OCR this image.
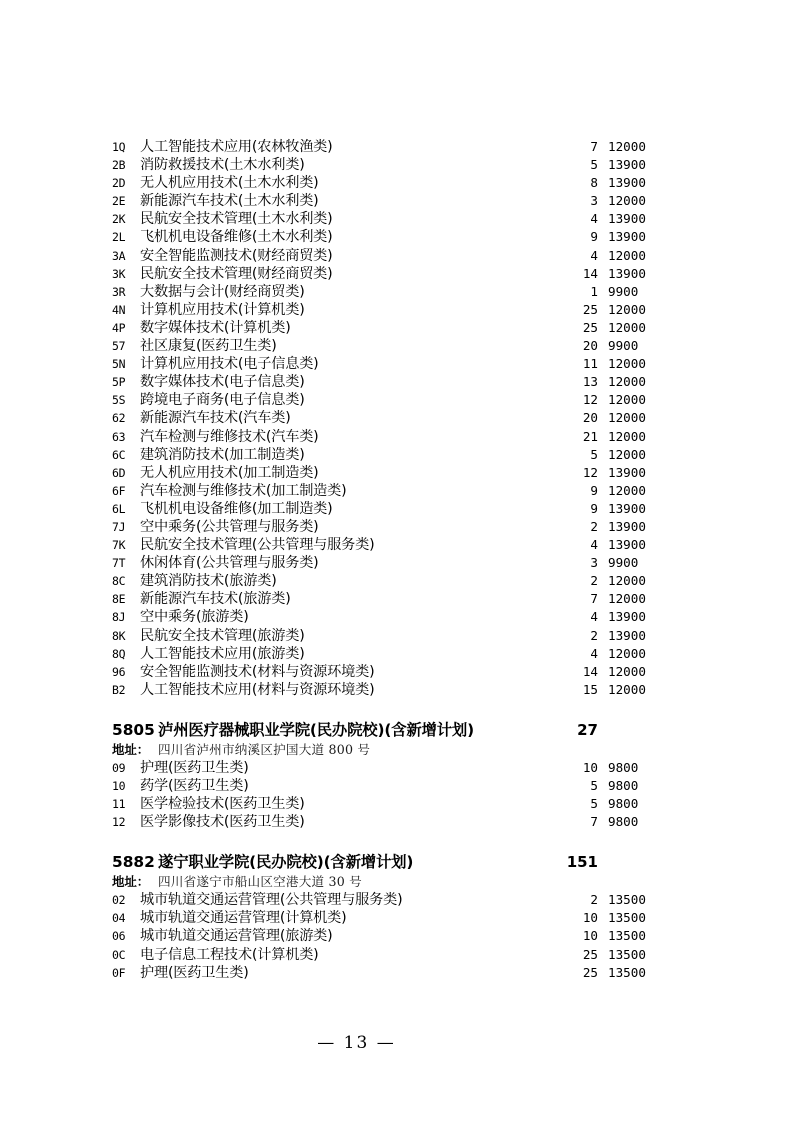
1Q	人工智能技术应用(农林牧渔类)	7 12000
2B	消防救援技术(土木水利类)	5 13900
2D	无人机应用技术(土木水利类)	8 13900
2E	新能源汽车技术(土木水利类)	3 12000
2K	民航安全技术管理(土木水利类)	4 13900
2L	飞机机电设备维修(土木水利类)	9 13900
3A	安全智能监测技术(财经商贸类)	4 12000
3K	民航安全技术管理(财经商贸类)	14 13900
3R	大数据与会计(财经商贸类)	1 9900
4N	计算机应用技术(计算机类)	25 12000
4P	数字媒体技术(计算机类)	25 12000
57	社区康复(医药卫生类)	20 9900
5N	计算机应用技术(电子信息类)	11 12000
5P	数字媒体技术(电子信息类)	13 12000
5S	跨境电子商务(电子信息类)	12 12000
62	新能源汽车技术(汽车类)	20 12000
63	汽车检测与维修技术(汽车类)	21 12000
6C	建筑消防技术(加工制造类)	5 12000
6D	无人机应用技术(加工制造类)	12 13900
6F	汽车检测与维修技术(加工制造类)	9 12000
6L	飞机机电设备维修(加工制造类)	9 13900
7J	空中乘务(公共管理与服务类)	2 13900
7K	民航安全技术管理(公共管理与服务类)	4 13900
7T	休闲体育(公共管理与服务类)	3 9900
8C	建筑消防技术(旅游类)	2 12000
8E	新能源汽车技术(旅游类)	7 12000
8J	空中乘务(旅游类)	4 13900
8K	民航安全技术管理(旅游类)	2 13900
8Q	人工智能技术应用(旅游类)	4 12000
96	安全智能监测技术(材料与资源环境类)	14 12000
B2	人工智能技术应用(材料与资源环境类)	15 12000
5805 泸州医疗器械职业学院(民办院校)(含新增计划)	27
地址： 四川省泸州市纳溪区护国大道 800 号
09	护理(医药卫生类)	10 9800
10	药学(医药卫生类)	5 9800
11	医学检验技术(医药卫生类)	5 9800
12	医学影像技术(医药卫生类)	7 9800
5882 遂宁职业学院(民办院校)(含新增计划)	151
地址： 四川省遂宁市船山区空港大道 30 号
02	城市轨道交通运营管理(公共管理与服务类)	2 13500
04	城市轨道交通运营管理(计算机类)	10 13500
06	城市轨道交通运营管理(旅游类)	10 13500
0C	电子信息工程技术(计算机类)	25 13500
0F	护理(医药卫生类)	25 13500
— 13 —
